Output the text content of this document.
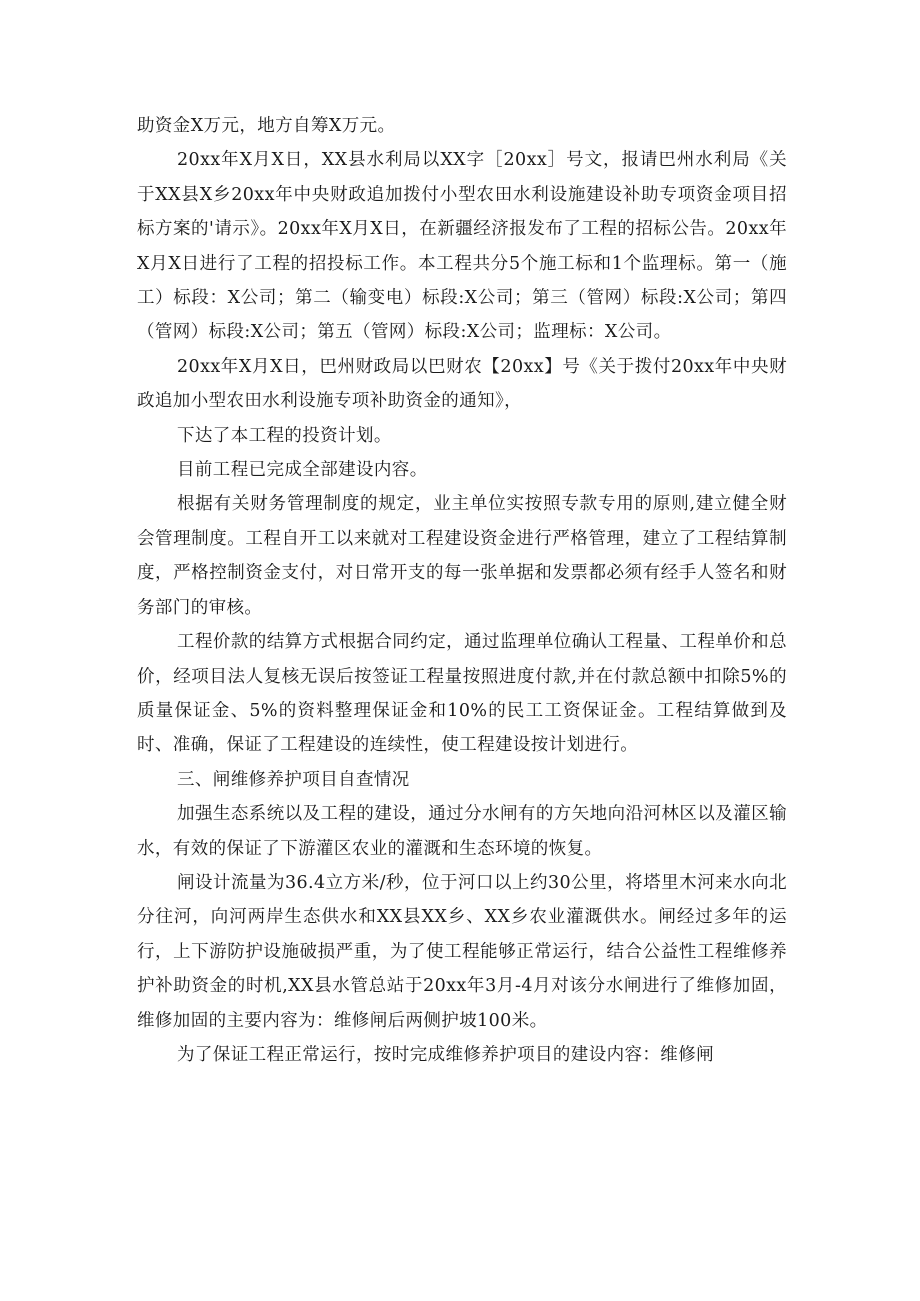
助资金X万元，地方自筹X万元。

20xx年X月X日，XX县水利局以XX字［20xx］号文，报请巴州水利局《关于XX县X乡20xx年中央财政追加拨付小型农田水利设施建设补助专项资金项目招标方案的'请示》。20xx年X月X日，在新疆经济报发布了工程的招标公告。20xx年X月X日进行了工程的招投标工作。本工程共分5个施工标和1个监理标。第一（施工）标段：X公司；第二（输变电）标段:X公司；第三（管网）标段:X公司；第四（管网）标段:X公司；第五（管网）标段:X公司；监理标：X公司。

20xx年X月X日，巴州财政局以巴财农【20xx】号《关于拨付20xx年中央财政追加小型农田水利设施专项补助资金的通知》，

下达了本工程的投资计划。

目前工程已完成全部建设内容。

根据有关财务管理制度的规定，业主单位实按照专款专用的原则,建立健全财会管理制度。工程自开工以来就对工程建设资金进行严格管理，建立了工程结算制度，严格控制资金支付，对日常开支的每一张单据和发票都必须有经手人签名和财务部门的审核。

工程价款的结算方式根据合同约定，通过监理单位确认工程量、工程单价和总价，经项目法人复核无误后按签证工程量按照进度付款,并在付款总额中扣除5%的质量保证金、5%的资料整理保证金和10%的民工工资保证金。工程结算做到及时、准确，保证了工程建设的连续性，使工程建设按计划进行。

三、闸维修养护项目自查情况

加强生态系统以及工程的建设，通过分水闸有的方矢地向沿河林区以及灌区输水，有效的保证了下游灌区农业的灌溉和生态环境的恢复。

闸设计流量为36.4立方米/秒，位于河口以上约30公里，将塔里木河来水向北分往河，向河两岸生态供水和XX县XX乡、XX乡农业灌溉供水。闸经过多年的运行，上下游防护设施破损严重，为了使工程能够正常运行，结合公益性工程维修养护补助资金的时机,XX县水管总站于20xx年3月-4月对该分水闸进行了维修加固，维修加固的主要内容为：维修闸后两侧护坡100米。

为了保证工程正常运行，按时完成维修养护项目的建设内容：维修闸
